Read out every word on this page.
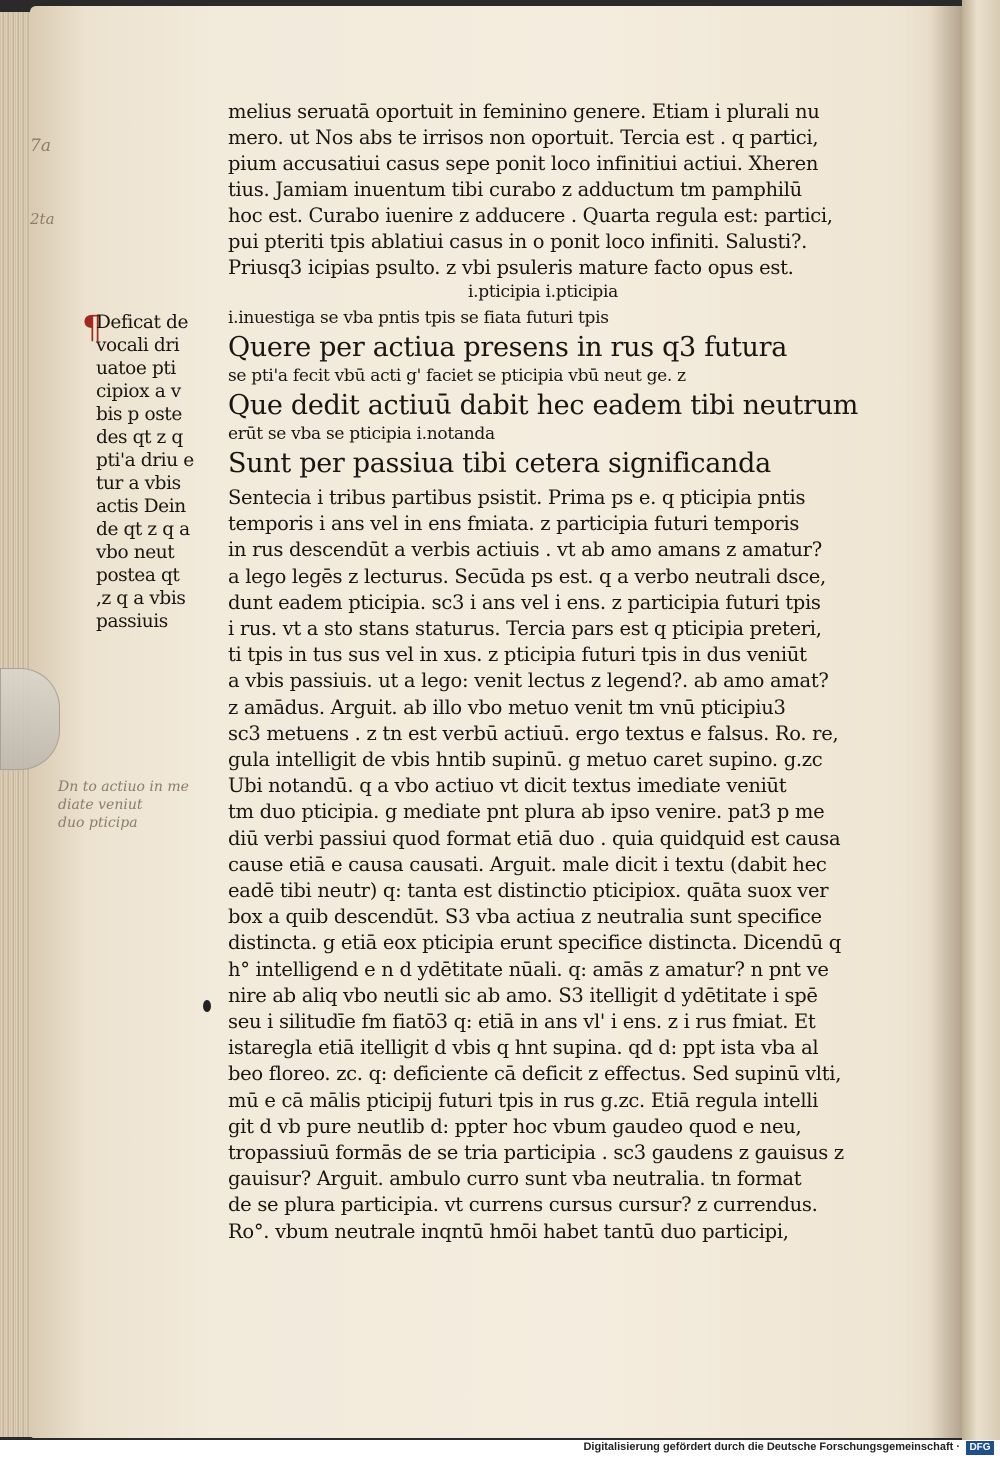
7a
2ta
Dn to actiuo in me
diate veniut
duo pticipa
¶
Deficat de
vocali dri
uatoe pti
cipiox a v
bis p oste
des qt z q
pti'a driu e
tur a vbis
actis Dein
de qt z q a
vbo neut
postea qt
,z q a vbis
passiuis
melius seruatā oportuit in feminino genere. Etiam i plurali nu
mero. ut Nos abs te irrisos non oportuit. Tercia est . q partici,
pium accusatiui casus sepe ponit loco infinitiui actiui. Xheren
tius. Jamiam inuentum tibi curabo z adductum tm pamphilū
hoc est. Curabo iuenire z adducere . Quarta regula est: partici,
pui pteriti tpis ablatiui casus in o ponit loco infiniti. Salusti?.
Priusq3 icipias psulto. z vbi psuleris mature facto opus est.
i.pticipia i.pticipia
i.inuestiga se vba pntis tpis se fiata futuri tpis
Quere per actiua presens in rus q3 futura
se pti'a fecit vbū acti g' faciet se pticipia vbū neut ge. z
Que dedit actiuū dabit hec eadem tibi neutrum
erūt se vba se pticipia i.notanda
Sunt per passiua tibi cetera significanda
Sentecia i tribus partibus psistit. Prima ps e. q pticipia pntis
temporis i ans vel in ens fmiata. z participia futuri temporis
in rus descendūt a verbis actiuis . vt ab amo amans z amatur?
a lego legēs z lecturus. Secūda ps est. q a verbo neutrali dsce,
dunt eadem pticipia. sc3 i ans vel i ens. z participia futuri tpis
i rus. vt a sto stans staturus. Tercia pars est q pticipia preteri,
ti tpis in tus sus vel in xus. z pticipia futuri tpis in dus veniūt
a vbis passiuis. ut a lego: venit lectus z legend?. ab amo amat?
z amādus. Arguit. ab illo vbo metuo venit tm vnū pticipiu3
sc3 metuens . z tn est verbū actiuū. ergo textus e falsus. Ro. re,
gula intelligit de vbis hntib supinū. g metuo caret supino. g.zc
Ubi notandū. q a vbo actiuo vt dicit textus imediate veniūt
tm duo pticipia. g mediate pnt plura ab ipso venire. pat3 p me
diū verbi passiui quod format etiā duo . quia quidquid est causa
cause etiā e causa causati. Arguit. male dicit i textu (dabit hec
eadē tibi neutr) q: tanta est distinctio pticipiox. quāta suox ver
box a quib descendūt. S3 vba actiua z neutralia sunt specifice
distincta. g etiā eox pticipia erunt specifice distincta. Dicendū q
h° intelligend e n d ydētitate nūali. q: amās z amatur? n pnt ve
nire ab aliq vbo neutli sic ab amo. S3 itelligit d ydētitate i spē
seu i silitudīe fm fiatō3 q: etiā in ans vl' i ens. z i rus fmiat. Et
istaregla etiā itelligit d vbis q hnt supina. qd d: ppt ista vba al
beo floreo. zc. q: deficiente cā deficit z effectus. Sed supinū vlti,
mū e cā mālis pticipij futuri tpis in rus g.zc. Etiā regula intelli
git d vb pure neutlib d: ppter hoc vbum gaudeo quod e neu,
tropassiuū formās de se tria participia . sc3 gaudens z gauisus z
gauisur? Arguit. ambulo curro sunt vba neutralia. tn format
de se plura participia. vt currens cursus cursur? z currendus.
Ro°. vbum neutrale inqntū hmōi habet tantū duo participi,
Digitalisierung gefördert durch die Deutsche Forschungsgemeinschaft · DFG
